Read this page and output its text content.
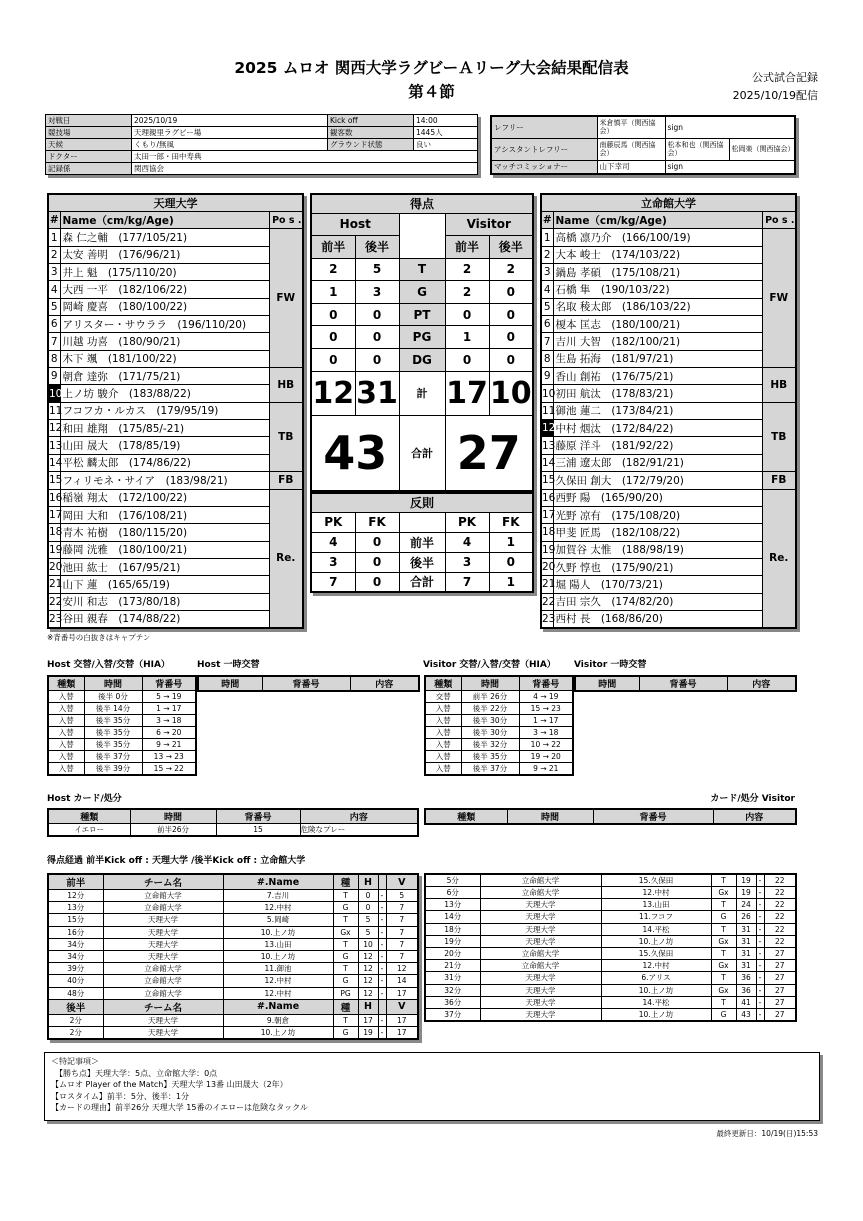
2025 ムロオ 関西大学ラグビーＡリーグ大会結果配信表
第４節
公式試合記録
2025/10/19配信
対戦日	2025/10/19	Kick off	14:00
競技場	天理親里ラグビー場	観客数	1445人
天候	くもり/無風	グラウンド状態	良い
ドクター	太田一郎・田中寿典		
記録係	関西協会		
レフリー	米倉慎平（関西協会）	sign	
アシスタントレフリー	南藤辰馬（関西協会）	松本和也（関西協会）	松岡楽（関西協会）
マッチコミッショナー	山下幸司	sign	
天理大学		
#	Name（cm/kg/Age)	Po s .
1	森 仁之輔　(177/105/21)	FW
2	太安 善明　(176/96/21)	
3	井上 魁　(175/110/20)	
4	大西 一平　(182/106/22)	
5	岡崎 慶喜　(180/100/22)	
6	アリスター・サウララ　(196/110/20)	
7	川越 功喜　(180/90/21)	
8	木下 颯　(181/100/22)	
9	朝倉 達弥　(171/75/21)	HB
10	上ノ坊 駿介　(183/88/22)	
11	フコフカ・ルカス　(179/95/19)	TB
12	和田 雄翔　(175/85/-21)	
13	山田 晟大　(178/85/19)	
14	平松 麟太郎　(174/86/22)	
15	フィリモネ・サイア　(183/98/21)	FB
16	稲嶺 翔太　(172/100/22)	Re.
17	岡田 大和　(176/108/21)	
18	青木 祐樹　(180/115/20)	
19	藤岡 洸雅　(180/100/21)	
20	池田 紘士　(167/95/21)	
21	山下 蓮　(165/65/19)	
22	安川 和志　(173/80/18)	
23	谷田 親春　(174/88/22)	
立命館大学		
#	Name（cm/kg/Age)	Po s .
1	高橋 凛乃介　(166/100/19)	FW
2	大本 峻士　(174/103/22)	
3	鍋島 孝碩　(175/108/21)	
4	石橋 隼　(190/103/22)	
5	名取 稜太郎　(186/103/22)	
6	榎本 匡志　(180/100/21)	
7	吉川 大智　(182/100/21)	
8	生島 拓海　(181/97/21)	
9	香山 創祐　(176/75/21)	HB
10	初田 航汰　(178/83/21)	
11	御池 蓮二　(173/84/21)	TB
12	中村 烟汰　(172/84/22)	
13	藤原 洋斗　(181/92/22)	
14	三浦 遼太郎　(182/91/21)	
15	久保田 創大　(172/79/20)	FB
16	西野 陽　(165/90/20)	Re.
17	光野 凉有　(175/108/20)	
18	甲斐 匠馬　(182/108/22)	
19	加賀谷 太惟　(188/98/19)	
20	久野 惇也　(175/90/21)	
21	堀 陽人　(170/73/21)	
22	吉田 宗久　(174/82/20)	
23	西村 長　(168/86/20)	
得点				
Host			Visitor	
前半	後半		前半	後半
2	5	T	2	2
1	3	G	2	0
0	0	PT	0	0
0	0	PG	1	0
0	0	DG	0	0
12	31	計	17	10
43		合計	27	
反則				
PK	FK		PK	FK
4	0	前半	4	1
3	0	後半	3	0
7	0	合計	7	1
※背番号の白抜きはキャプテン
Host 交替/入替/交替（HIA）	Host 一時交替	Visitor 交替/入替/交替（HIA） Visitor 一時交替
種類	時間	背番号
入替	後半 0分	5 → 19
入替	後半 14分	1 → 17
入替	後半 35分	3 → 18
入替	後半 35分	6 → 20
入替	後半 35分	9 → 21
入替	後半 37分	13 → 23
入替	後半 39分	15 → 22
時間	背番号	内容	種類	時間	背番号
交替	前半 26分	4 → 19
入替	後半 22分	15 → 23
入替	後半 30分	1 → 17
入替	後半 30分	3 → 18
入替	後半 32分	10 → 22
入替	後半 35分	19 → 20
入替	後半 37分	9 → 21
時間	背番号	内容
Host カード/処分	カード/処分 Visitor
種類	時間	背番号	内容
イエロー	前半26分	15	危険なプレー
種類	時間	背番号	内容
得点経過 前半Kick off : 天理大学 /後半Kick off : 立命館大学
前半	チーム名	#.Name	種	H		V
12分	立命館大学	7.吉川	T	0	-	5
13分	立命館大学	12.中村	G	0	-	7
15分	天理大学	5.岡崎	T	5	-	7
16分	天理大学	10.上ノ坊	Gx	5	-	7
34分	天理大学	13.山田	T	10	-	7
34分	天理大学	10.上ノ坊	G	12	-	7
39分	立命館大学	11.御池	T	12	-	12
40分	立命館大学	12.中村	G	12	-	14
48分	立命館大学	12.中村	PG	12	-	17
後半	チーム名	#.Name	種	H		V
2分	天理大学	9.朝倉	T	17	-	17
2分	天理大学	10.上ノ坊	G	19	-	17
5分	立命館大学	15.久保田	T	19	-	22
6分	立命館大学	12.中村	Gx	19	-	22
13分	天理大学	13.山田	T	24	-	22
14分	天理大学	11.フコフ	G	26	-	22
18分	天理大学	14.平松	T	31	-	22
19分	天理大学	10.上ノ坊	Gx	31	-	22
20分	立命館大学	15.久保田	T	31	-	27
21分	立命館大学	12.中村	Gx	31	-	27
31分	天理大学	6.アリス	T	36	-	27
32分	天理大学	10.上ノ坊	Gx	36	-	27
36分	天理大学	14.平松	T	41	-	27
37分	天理大学	10.上ノ坊	G	43	-	27
＜特記事項＞
　【勝ち点】天理大学：5点、立命館大学：0点
【ムロオ Player of the Match】天理大学 13番 山田晟大（2年）
【ロスタイム】前半：5分、後半：1分
【カードの理由】前半26分 天理大学 15番のイエローは危険なタックル
最終更新日：10/19(日)15:53
